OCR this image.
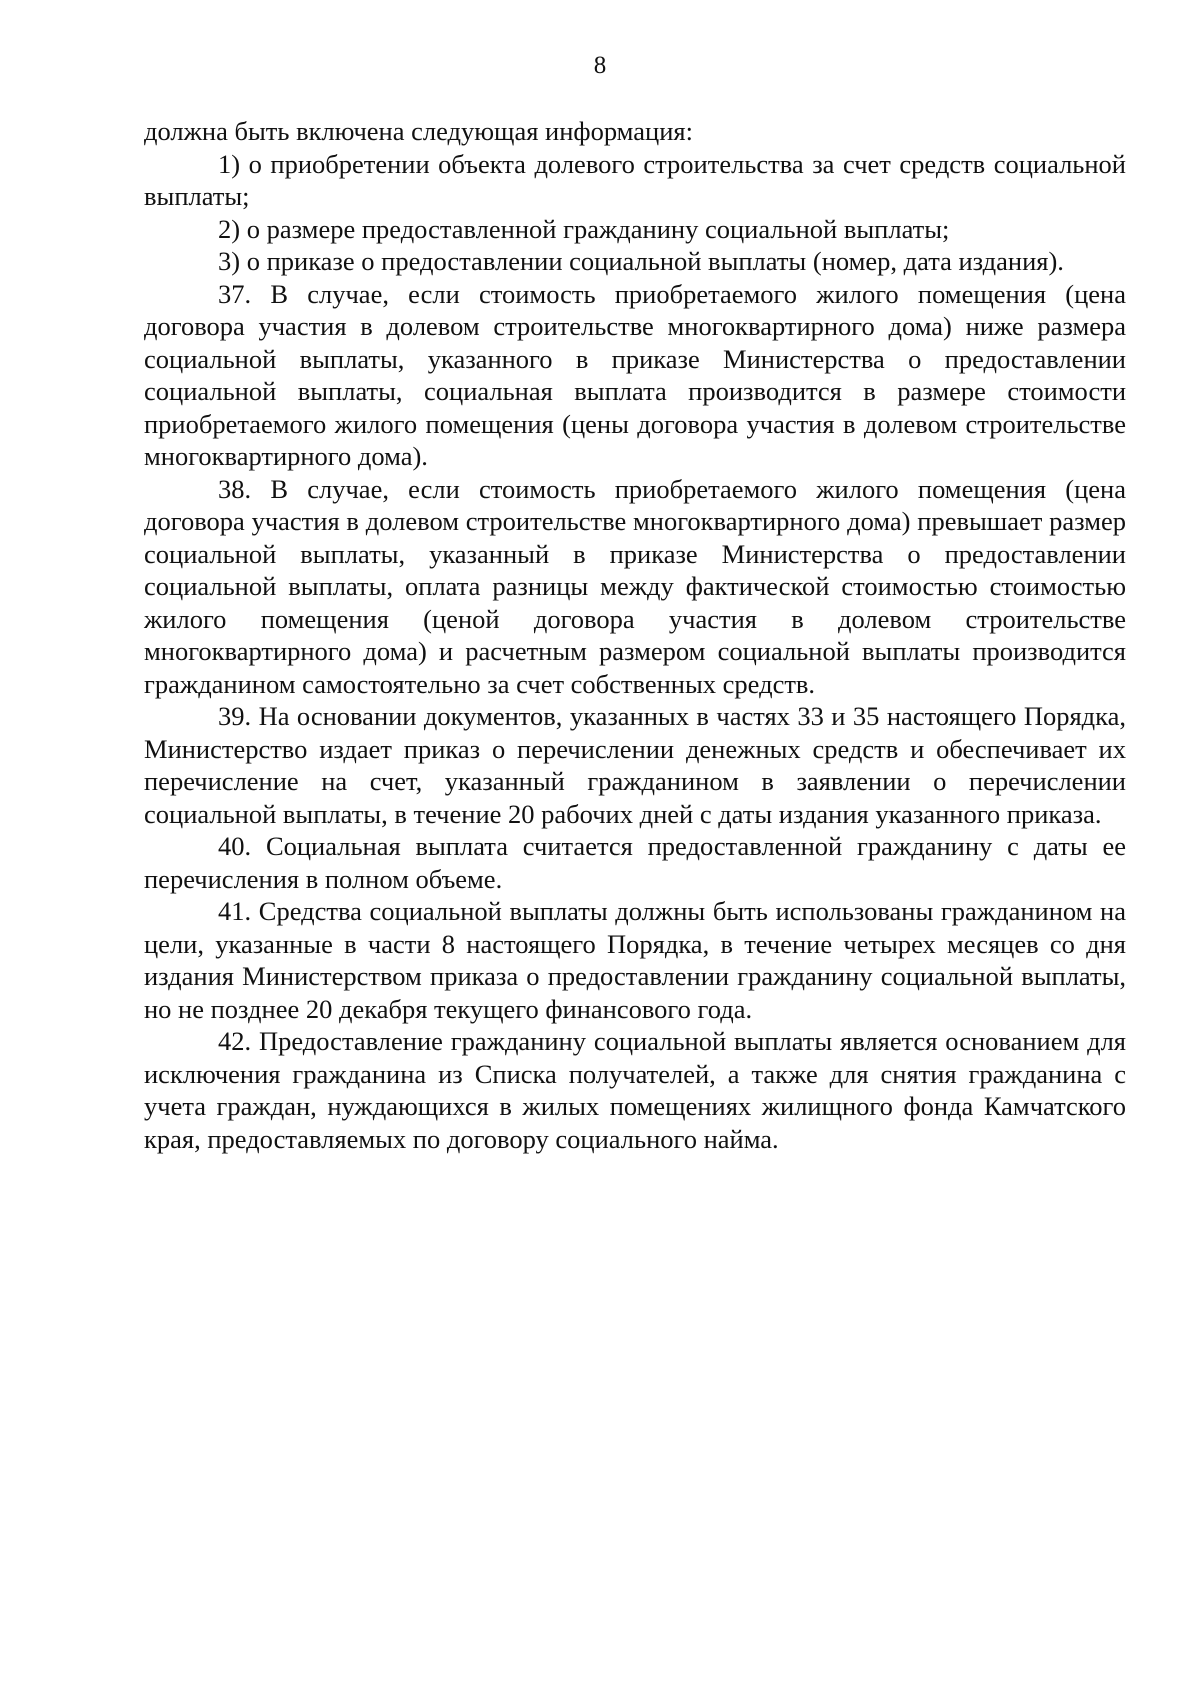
8

должна быть включена следующая информация:

1) о приобретении объекта долевого строительства за счет средств социальной выплаты;

2) о размере предоставленной гражданину социальной выплаты;

3) о приказе о предоставлении социальной выплаты (номер, дата издания).

37. В случае, если стоимость приобретаемого жилого помещения (цена договора участия в долевом строительстве многоквартирного дома) ниже размера социальной выплаты, указанного в приказе Министерства о предоставлении социальной выплаты, социальная выплата производится в размере стоимости приобретаемого жилого помещения (цены договора участия в долевом строительстве многоквартирного дома).

38. В случае, если стоимость приобретаемого жилого помещения (цена договора участия в долевом строительстве многоквартирного дома) превышает размер социальной выплаты, указанный в приказе Министерства о предоставлении социальной выплаты, оплата разницы между фактической стоимостью стоимостью жилого помещения (ценой договора участия в долевом строительстве многоквартирного дома) и расчетным размером социальной выплаты производится гражданином самостоятельно за счет собственных средств.

39. На основании документов, указанных в частях 33 и 35 настоящего Порядка, Министерство издает приказ о перечислении денежных средств и обеспечивает их перечисление на счет, указанный гражданином в заявлении о перечислении социальной выплаты, в течение 20 рабочих дней с даты издания указанного приказа.

40. Социальная выплата считается предоставленной гражданину с даты ее перечисления в полном объеме.

41. Средства социальной выплаты должны быть использованы гражданином на цели, указанные в части 8 настоящего Порядка, в течение четырех месяцев со дня издания Министерством приказа о предоставлении гражданину социальной выплаты, но не позднее 20 декабря текущего финансового года.

42. Предоставление гражданину социальной выплаты является основанием для исключения гражданина из Списка получателей, а также для снятия гражданина с учета граждан, нуждающихся в жилых помещениях жилищного фонда Камчатского края, предоставляемых по договору социального найма.
